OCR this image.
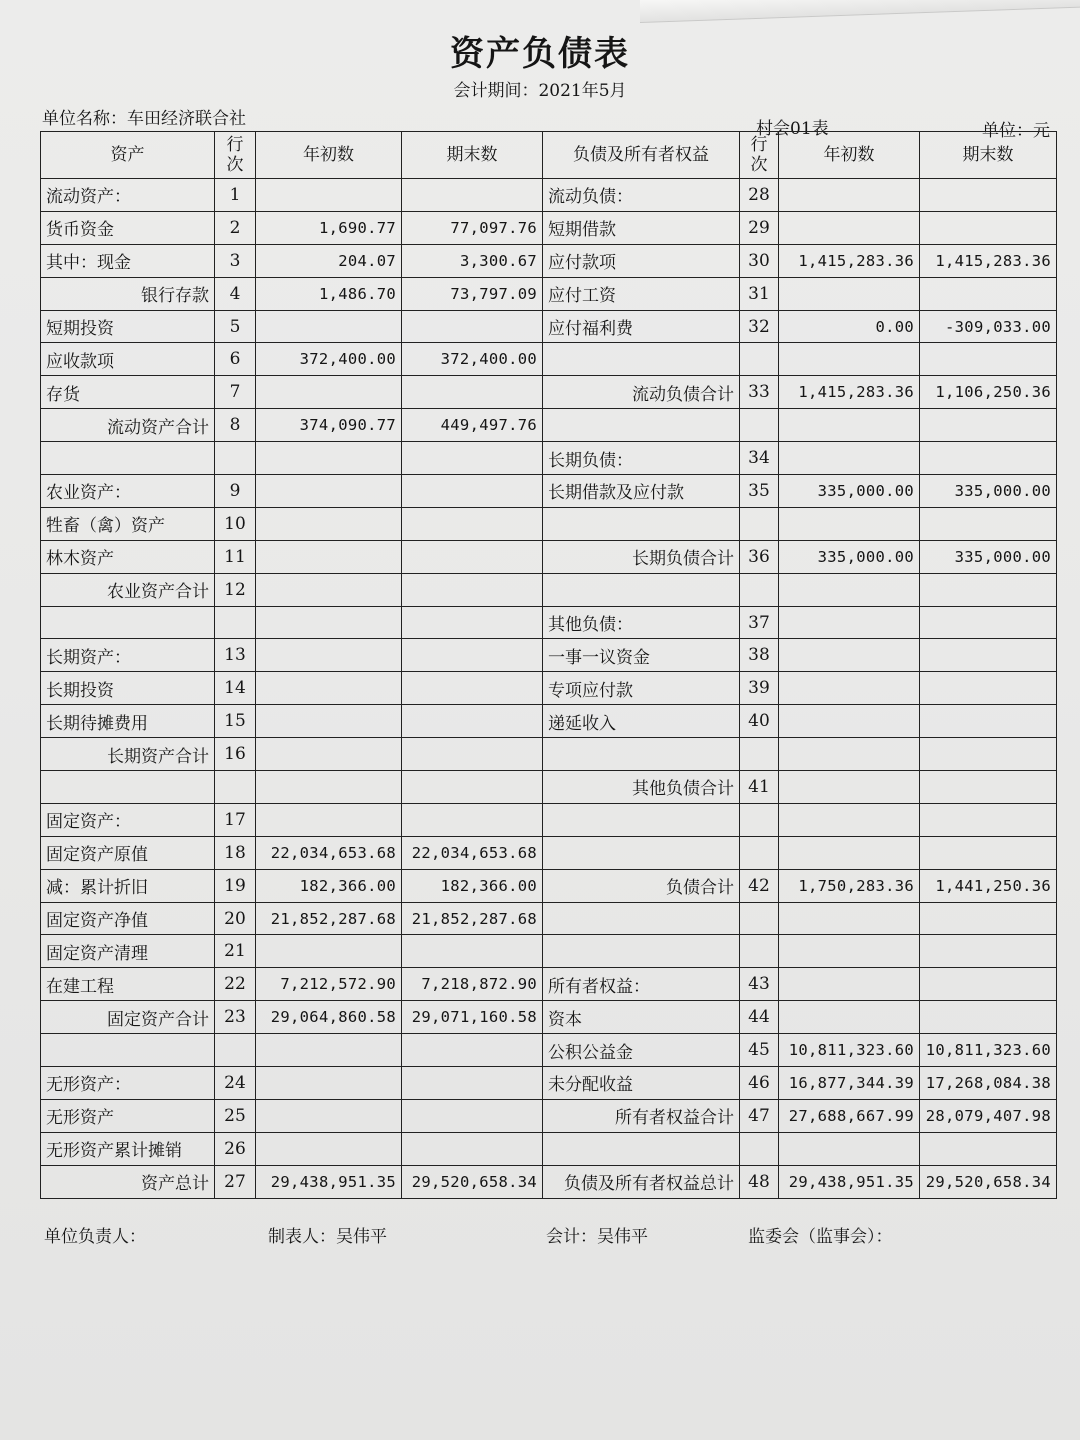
资产负债表
会计期间：2021年5月
单位名称：车田经济联合社	村会01表	单位：元
资产	行次	年初数	期末数	负债及所有者权益	行次	年初数	期末数
流动资产：	1			流动负债：	28		
货币资金	2	1,690.77	77,097.76	短期借款	29		
其中：现金	3	204.07	3,300.67	应付款项	30	1,415,283.36	1,415,283.36
银行存款	4	1,486.70	73,797.09	应付工资	31		
短期投资	5			应付福利费	32	0.00	-309,033.00
应收款项	6	372,400.00	372,400.00				
存货	7			流动负债合计	33	1,415,283.36	1,106,250.36
流动资产合计	8	374,090.77	449,497.76				
				长期负债：	34		
农业资产：	9			长期借款及应付款	35	335,000.00	335,000.00
牲畜（禽）资产	10						
林木资产	11			长期负债合计	36	335,000.00	335,000.00
农业资产合计	12						
				其他负债：	37		
长期资产：	13			一事一议资金	38		
长期投资	14			专项应付款	39		
长期待摊费用	15			递延收入	40		
长期资产合计	16						
				其他负债合计	41		
固定资产：	17						
固定资产原值	18	22,034,653.68	22,034,653.68				
减：累计折旧	19	182,366.00	182,366.00	负债合计	42	1,750,283.36	1,441,250.36
固定资产净值	20	21,852,287.68	21,852,287.68				
固定资产清理	21						
在建工程	22	7,212,572.90	7,218,872.90	所有者权益：	43		
固定资产合计	23	29,064,860.58	29,071,160.58	资本	44		
				公积公益金	45	10,811,323.60	10,811,323.60
无形资产：	24			未分配收益	46	16,877,344.39	17,268,084.38
无形资产	25			所有者权益合计	47	27,688,667.99	28,079,407.98
无形资产累计摊销	26						
资产总计	27	29,438,951.35	29,520,658.34	负债及所有者权益总计	48	29,438,951.35	29,520,658.34
单位负责人：	制表人：吴伟平	会计：吴伟平	监委会（监事会）：
